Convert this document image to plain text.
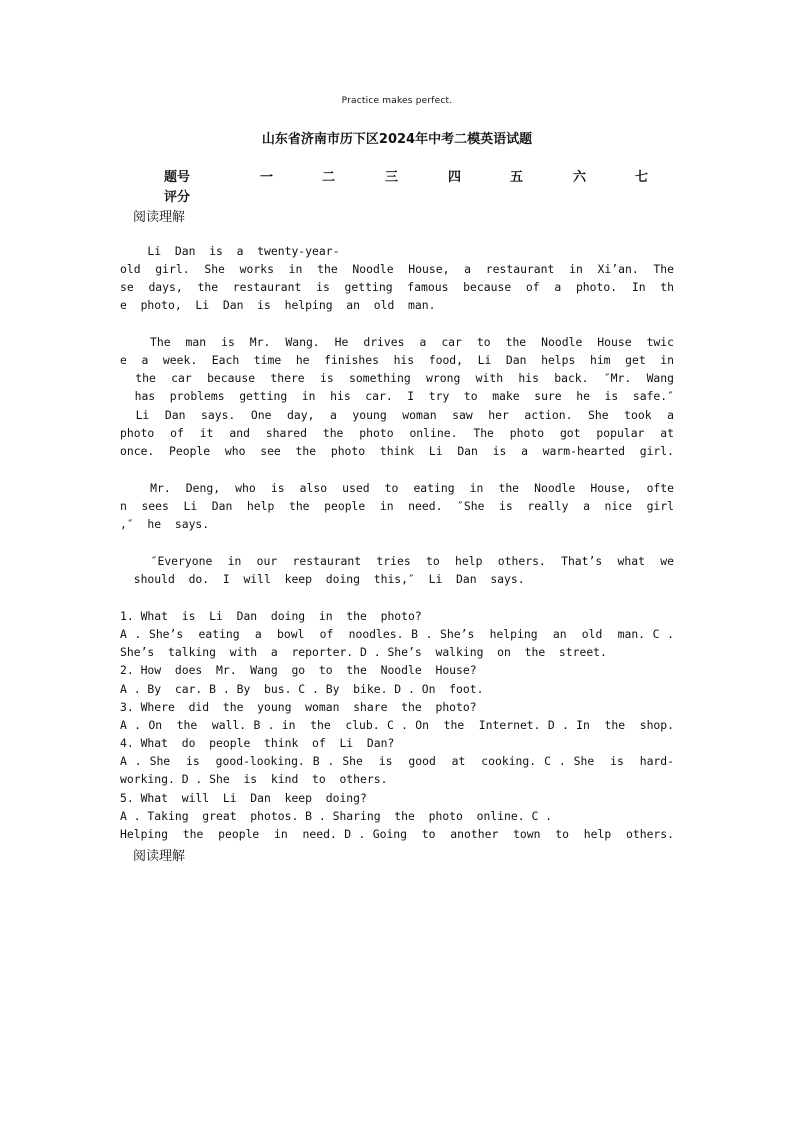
Practice makes perfect.
山东省济南市历下区2024年中考二模英语试题
题号	一	二	三	四	五	六	七
评分
阅读理解
Li  Dan  is  a  twenty-year-
old  girl.  She  works  in  the  Noodle  House,  a  restaurant  in  Xi’an.  The
se  days,  the  restaurant  is  getting  famous  because  of  a  photo.  In  th
e  photo,  Li  Dan  is  helping  an  old  man.
The  man  is  Mr.  Wang.  He  drives  a  car  to  the  Noodle  House  twic
e  a  week.  Each  time  he  finishes  his  food,  Li  Dan  helps  him  get  in
the  car  because  there  is  something  wrong  with  his  back.  ″Mr.  Wang
has  problems  getting  in  his  car.  I  try  to  make  sure  he  is  safe.″
Li  Dan  says.  One  day,  a  young  woman  saw  her  action.  She  took  a
photo  of  it  and  shared  the  photo  online.  The  photo  got  popular  at
once.  People  who  see  the  photo  think  Li  Dan  is  a  warm-hearted  girl.
Mr.  Deng,  who  is  also  used  to  eating  in  the  Noodle  House,  ofte
n  sees  Li  Dan  help  the  people  in  need.  ″She  is  really  a  nice  girl
,″  he  says.
″Everyone  in  our  restaurant  tries  to  help  others.  That’s  what  we
should  do.  I  will  keep  doing  this,″  Li  Dan  says.
1. What  is  Li  Dan  doing  in  the  photo?
A . She’s  eating  a  bowl  of  noodles. B . She’s  helping  an  old  man. C .
She’s  talking  with  a  reporter. D . She’s  walking  on  the  street.
2. How  does  Mr.  Wang  go  to  the  Noodle  House?
A . By  car. B . By  bus. C . By  bike. D . On  foot.
3. Where  did  the  young  woman  share  the  photo?
A . On  the  wall. B . in  the  club. C . On  the  Internet. D . In  the  shop.
4. What  do  people  think  of  Li  Dan?
A . She  is  good-looking. B . She  is  good  at  cooking. C . She  is  hard-
working. D . She  is  kind  to  others.
5. What  will  Li  Dan  keep  doing?
A . Taking  great  photos. B . Sharing  the  photo  online. C .
Helping  the  people  in  need. D . Going  to  another  town  to  help  others.
阅读理解
